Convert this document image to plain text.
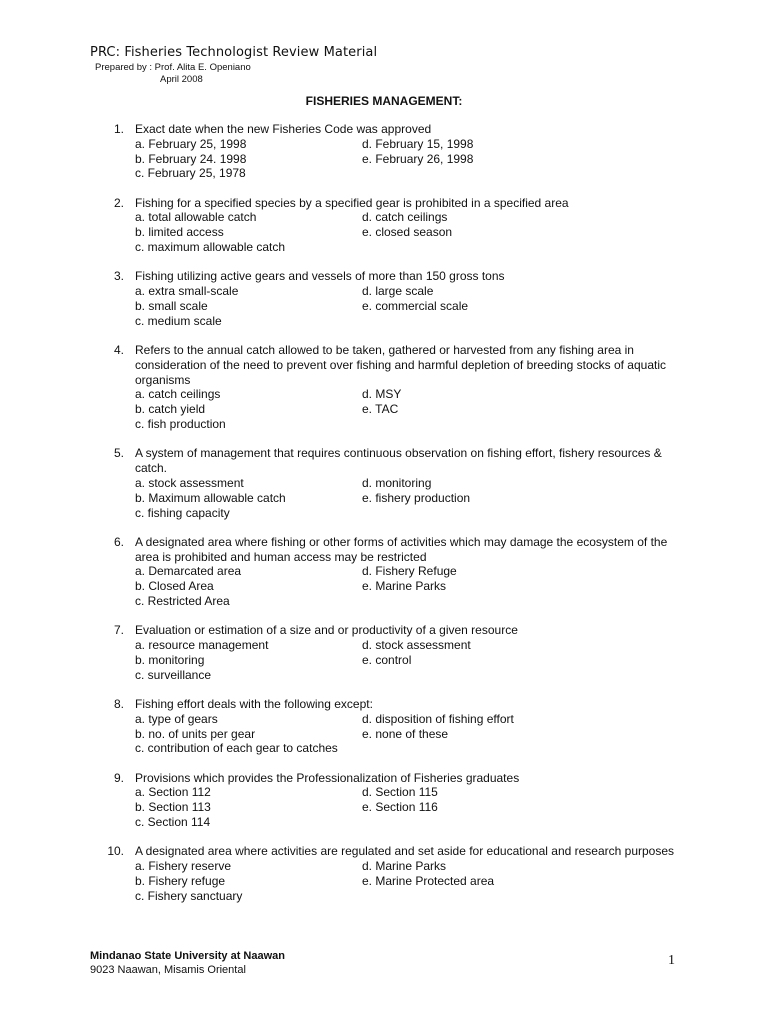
PRC: Fisheries Technologist Review Material
Prepared by : Prof. Alita E. Openiano
April 2008
FISHERIES MANAGEMENT:
1. Exact date when the new Fisheries Code was approved
a. February 25, 1998	d. February 15, 1998
b. February 24. 1998	e. February 26, 1998
c. February 25, 1978
2. Fishing for a specified species by a specified gear is prohibited in a specified area
a. total allowable catch	d. catch ceilings
b. limited access	e. closed season
c. maximum allowable catch
3. Fishing utilizing active gears and vessels of more than 150 gross tons
a. extra small-scale	d. large scale
b. small scale	e. commercial scale
c. medium scale
4. Refers to the annual catch allowed to be taken, gathered or harvested from any fishing area in consideration of the need to prevent over fishing and harmful depletion of breeding stocks of aquatic organisms
a. catch ceilings	d. MSY
b. catch yield	e. TAC
c. fish production
5. A system of management that requires continuous observation on fishing effort, fishery resources & catch.
a. stock assessment	d. monitoring
b. Maximum allowable catch	e. fishery production
c. fishing capacity
6. A designated area where fishing or other forms of activities which may damage the ecosystem of the area is prohibited and human access may be restricted
a. Demarcated area	d. Fishery Refuge
b. Closed Area	e. Marine Parks
c. Restricted Area
7. Evaluation or estimation of a size and or productivity of a given resource
a. resource management	d. stock assessment
b. monitoring	e. control
c. surveillance
8. Fishing effort deals with the following except:
a. type of gears	d. disposition of fishing effort
b. no. of units per gear	e. none of these
c. contribution of each gear to catches
9. Provisions which provides the Professionalization of Fisheries graduates
a. Section 112	d. Section 115
b. Section 113	e. Section 116
c. Section 114
10. A designated area where activities are regulated and set aside for educational and research purposes
a. Fishery reserve	d. Marine Parks
b. Fishery refuge	e. Marine Protected area
c. Fishery sanctuary
Mindanao State University at Naawan
9023 Naawan, Misamis Oriental
1
